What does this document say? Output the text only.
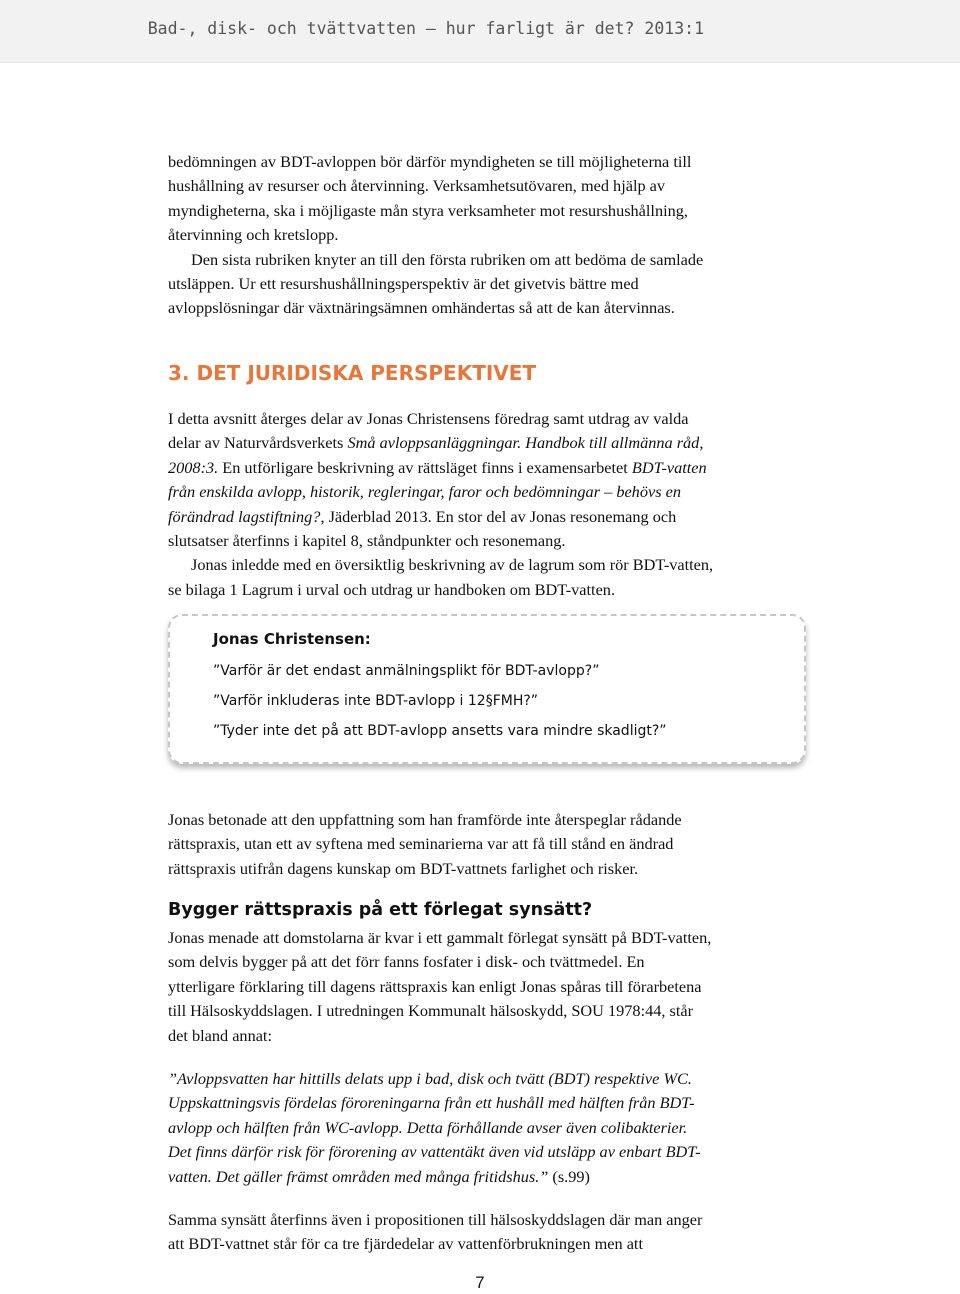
Bad-, disk- och tvättvatten – hur farligt är det? 2013:1

bedömningen av BDT-avloppen bör därför myndigheten se till möjligheterna till
hushållning av resurser och återvinning. Verksamhetsutövaren, med hjälp av
myndigheterna, ska i möjligaste mån styra verksamheter mot resurshushållning,
återvinning och kretslopp.
Den sista rubriken knyter an till den första rubriken om att bedöma de samlade
utsläppen. Ur ett resurshushållningsperspektiv är det givetvis bättre med
avloppslösningar där växtnäringsämnen omhändertas så att de kan återvinnas.

3. DET JURIDISKA PERSPEKTIVET

I detta avsnitt återges delar av Jonas Christensens föredrag samt utdrag av valda
delar av Naturvårdsverkets Små avloppsanläggningar. Handbok till allmänna råd,
2008:3. En utförligare beskrivning av rättsläget finns i examensarbetet BDT-vatten
från enskilda avlopp, historik, regleringar, faror och bedömningar – behövs en
förändrad lagstiftning?, Jäderblad 2013. En stor del av Jonas resonemang och
slutsatser återfinns i kapitel 8, ståndpunkter och resonemang.
Jonas inledde med en översiktlig beskrivning av de lagrum som rör BDT-vatten,
se bilaga 1 Lagrum i urval och utdrag ur handboken om BDT-vatten.

Jonas Christensen:
”Varför är det endast anmälningsplikt för BDT-avlopp?”
”Varför inkluderas inte BDT-avlopp i 12§FMH?”
”Tyder inte det på att BDT-avlopp ansetts vara mindre skadligt?”

Jonas betonade att den uppfattning som han framförde inte återspeglar rådande
rättspraxis, utan ett av syftena med seminarierna var att få till stånd en ändrad
rättspraxis utifrån dagens kunskap om BDT-vattnets farlighet och risker.

Bygger rättspraxis på ett förlegat synsätt?

Jonas menade att domstolarna är kvar i ett gammalt förlegat synsätt på BDT-vatten,
som delvis bygger på att det förr fanns fosfater i disk- och tvättmedel. En
ytterligare förklaring till dagens rättspraxis kan enligt Jonas spåras till förarbetena
till Hälsoskyddslagen. I utredningen Kommunalt hälsoskydd, SOU 1978:44, står
det bland annat:

”Avloppsvatten har hittills delats upp i bad, disk och tvätt (BDT) respektive WC.
Uppskattningsvis fördelas föroreningarna från ett hushåll med hälften från BDT-
avlopp och hälften från WC-avlopp. Detta förhållande avser även colibakterier.
Det finns därför risk för förorening av vattentäkt även vid utsläpp av enbart BDT-
vatten. Det gäller främst områden med många fritidshus.” (s.99)

Samma synsätt återfinns även i propositionen till hälsoskyddslagen där man anger
att BDT-vattnet står för ca tre fjärdedelar av vattenförbrukningen men att

7
